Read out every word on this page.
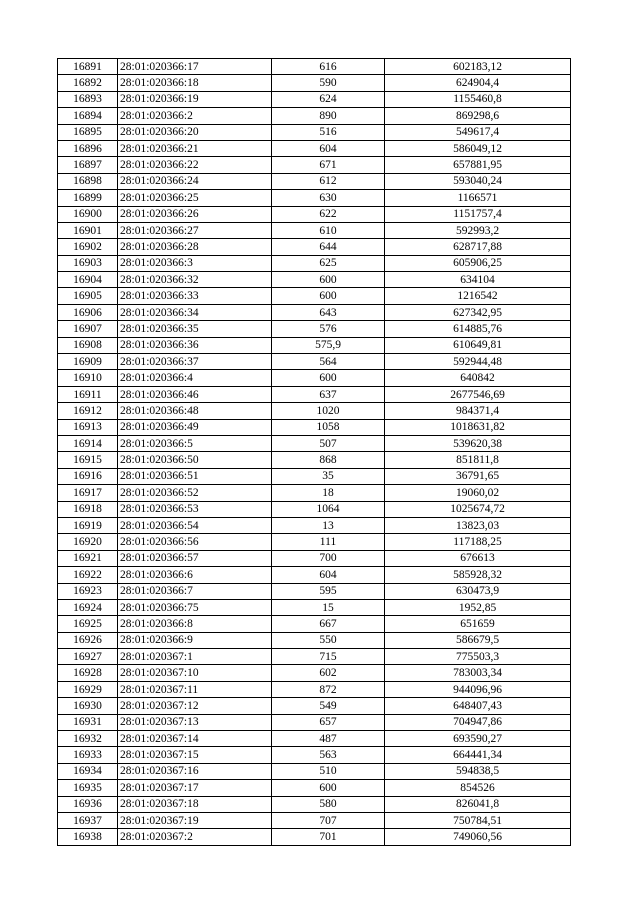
16891	28:01:020366:17	616	602183,12
16892	28:01:020366:18	590	624904,4
16893	28:01:020366:19	624	1155460,8
16894	28:01:020366:2	890	869298,6
16895	28:01:020366:20	516	549617,4
16896	28:01:020366:21	604	586049,12
16897	28:01:020366:22	671	657881,95
16898	28:01:020366:24	612	593040,24
16899	28:01:020366:25	630	1166571
16900	28:01:020366:26	622	1151757,4
16901	28:01:020366:27	610	592993,2
16902	28:01:020366:28	644	628717,88
16903	28:01:020366:3	625	605906,25
16904	28:01:020366:32	600	634104
16905	28:01:020366:33	600	1216542
16906	28:01:020366:34	643	627342,95
16907	28:01:020366:35	576	614885,76
16908	28:01:020366:36	575,9	610649,81
16909	28:01:020366:37	564	592944,48
16910	28:01:020366:4	600	640842
16911	28:01:020366:46	637	2677546,69
16912	28:01:020366:48	1020	984371,4
16913	28:01:020366:49	1058	1018631,82
16914	28:01:020366:5	507	539620,38
16915	28:01:020366:50	868	851811,8
16916	28:01:020366:51	35	36791,65
16917	28:01:020366:52	18	19060,02
16918	28:01:020366:53	1064	1025674,72
16919	28:01:020366:54	13	13823,03
16920	28:01:020366:56	111	117188,25
16921	28:01:020366:57	700	676613
16922	28:01:020366:6	604	585928,32
16923	28:01:020366:7	595	630473,9
16924	28:01:020366:75	15	1952,85
16925	28:01:020366:8	667	651659
16926	28:01:020366:9	550	586679,5
16927	28:01:020367:1	715	775503,3
16928	28:01:020367:10	602	783003,34
16929	28:01:020367:11	872	944096,96
16930	28:01:020367:12	549	648407,43
16931	28:01:020367:13	657	704947,86
16932	28:01:020367:14	487	693590,27
16933	28:01:020367:15	563	664441,34
16934	28:01:020367:16	510	594838,5
16935	28:01:020367:17	600	854526
16936	28:01:020367:18	580	826041,8
16937	28:01:020367:19	707	750784,51
16938	28:01:020367:2	701	749060,56
